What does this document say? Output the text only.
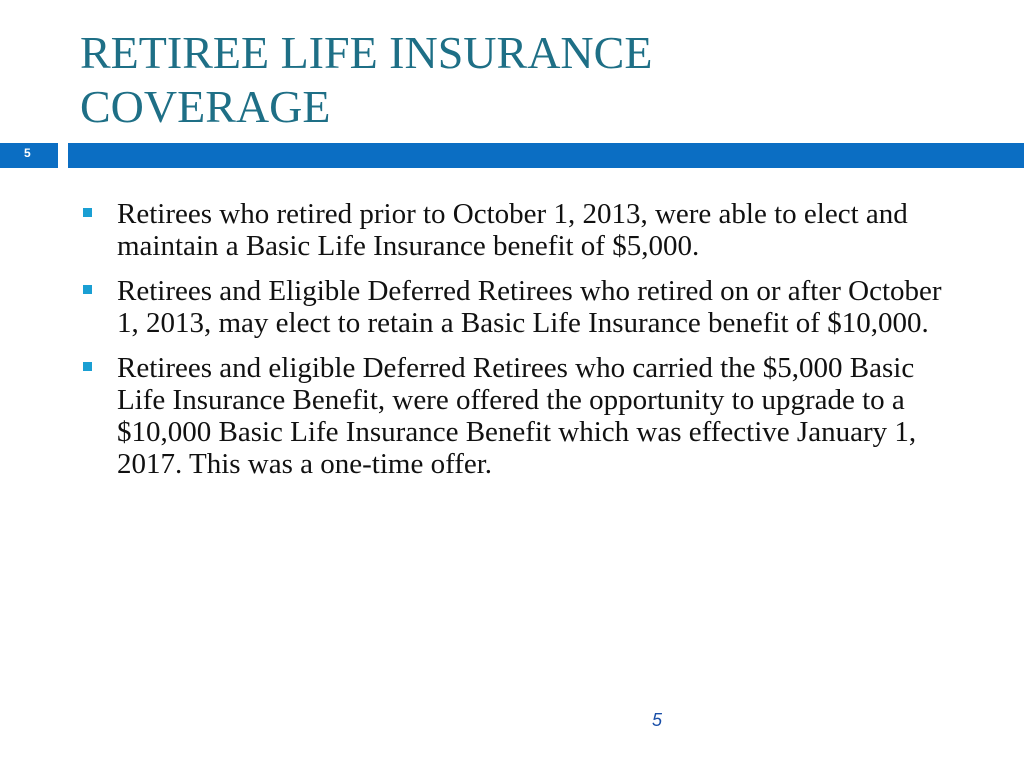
RETIREE LIFE INSURANCE
COVERAGE
5
Retirees who retired prior to October 1, 2013, were able to elect and maintain a Basic Life Insurance benefit of $5,000.
Retirees and Eligible Deferred Retirees who retired on or after October 1, 2013, may elect to retain a Basic Life Insurance benefit of $10,000.
Retirees and eligible Deferred Retirees who carried the $5,000 Basic Life Insurance Benefit, were offered the opportunity to upgrade to a $10,000 Basic Life Insurance Benefit which was effective January 1, 2017. This was a one-time offer.
5
